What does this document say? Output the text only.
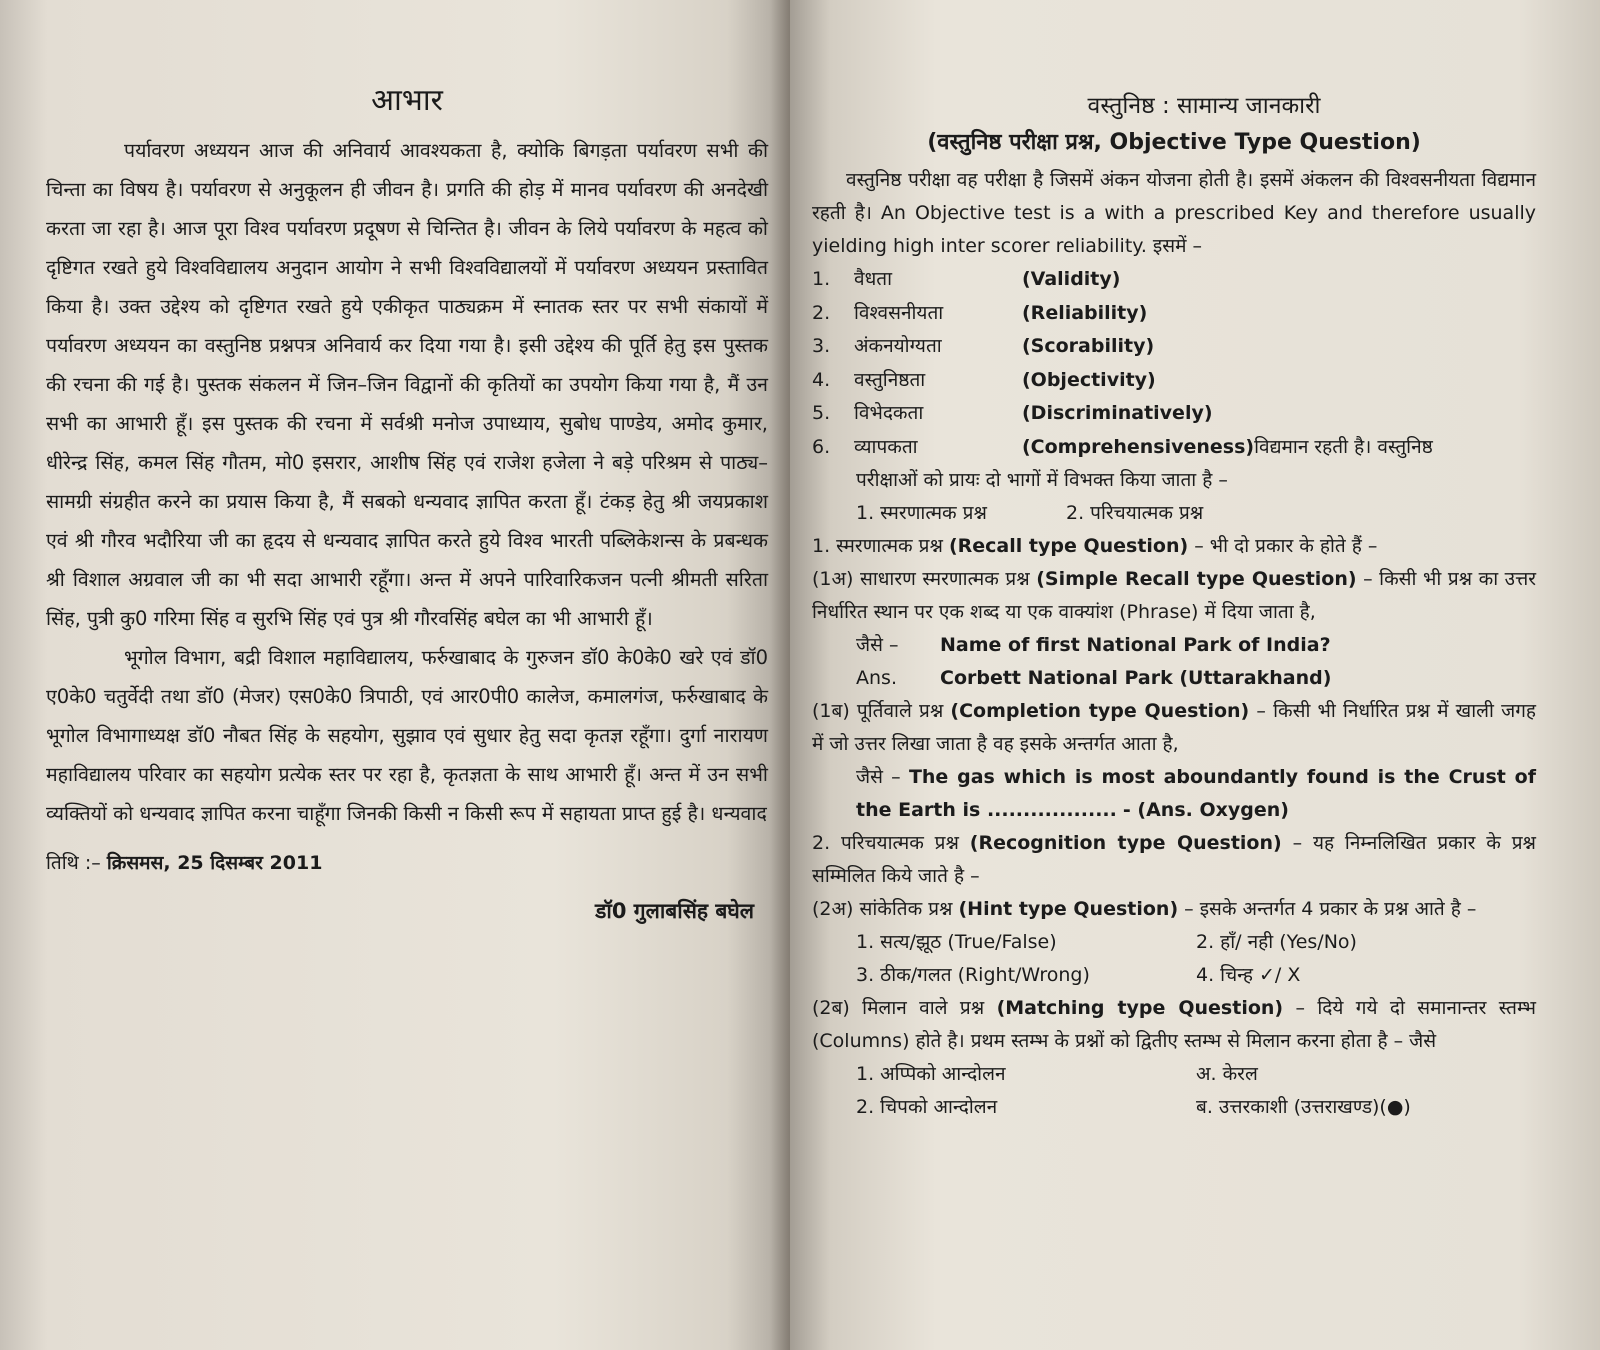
आभार

पर्यावरण अध्ययन आज की अनिवार्य आवश्यकता है, क्योकि बिगड़ता पर्यावरण सभी की चिन्ता का विषय है। पर्यावरण से अनुकूलन ही जीवन है। प्रगति की होड़ में मानव पर्यावरण की अनदेखी करता जा रहा है। आज पूरा विश्व पर्यावरण प्रदूषण से चिन्तित है। जीवन के लिये पर्यावरण के महत्व को दृष्टिगत रखते हुये विश्वविद्यालय अनुदान आयोग ने सभी विश्वविद्यालयों में पर्यावरण अध्ययन प्रस्तावित किया है। उक्त उद्देश्य को दृष्टिगत रखते हुये एकीकृत पाठ्यक्रम में स्नातक स्तर पर सभी संकायों में पर्यावरण अध्ययन का वस्तुनिष्ठ प्रश्नपत्र अनिवार्य कर दिया गया है। इसी उद्देश्य की पूर्ति हेतु इस पुस्तक की रचना की गई है। पुस्तक संकलन में जिन–जिन विद्वानों की कृतियों का उपयोग किया गया है, मैं उन सभी का आभारी हूँ। इस पुस्तक की रचना में सर्वश्री मनोज उपाध्याय, सुबोध पाण्डेय, अमोद कुमार, धीरेन्द्र सिंह, कमल सिंह गौतम, मो0 इसरार, आशीष सिंह एवं राजेश हजेला ने बड़े परिश्रम से पाठ्य–सामग्री संग्रहीत करने का प्रयास किया है, मैं सबको धन्यवाद ज्ञापित करता हूँ। टंकड़ हेतु श्री जयप्रकाश एवं श्री गौरव भदौरिया जी का हृदय से धन्यवाद ज्ञापित करते हुये विश्व भारती पब्लिकेशन्स के प्रबन्धक श्री विशाल अग्रवाल जी का भी सदा आभारी रहूँगा। अन्त में अपने पारिवारिकजन पत्नी श्रीमती सरिता सिंह, पुत्री कु0 गरिमा सिंह व सुरभि सिंह एवं पुत्र श्री गौरवसिंह बघेल का भी आभारी हूँ।

भूगोल विभाग, बद्री विशाल महाविद्यालय, फर्रुखाबाद के गुरुजन डॉ0 के0के0 खरे एवं डॉ0 ए0के0 चतुर्वेदी तथा डॉ0 (मेजर) एस0के0 त्रिपाठी, एवं आर0पी0 कालेज, कमालगंज, फर्रुखाबाद के भूगोल विभागाध्यक्ष डॉ0 नौबत सिंह के सहयोग, सुझाव एवं सुधार हेतु सदा कृतज्ञ रहूँगा। दुर्गा नारायण महाविद्यालय परिवार का सहयोग प्रत्येक स्तर पर रहा है, कृतज्ञता के साथ आभारी हूँ। अन्त में उन सभी व्यक्तियों को धन्यवाद ज्ञापित करना चाहूँगा जिनकी किसी न किसी रूप में सहायता प्राप्त हुई है। धन्यवाद

तिथि :– क्रिसमस, 25 दिसम्बर 2011
डॉ0 गुलाबसिंह बघेल
वस्तुनिष्ठ : सामान्य जानकारी
(वस्तुनिष्ठ परीक्षा प्रश्न, Objective Type Question)

वस्तुनिष्ठ परीक्षा वह परीक्षा है जिसमें अंकन योजना होती है। इसमें अंकलन की विश्वसनीयता विद्यमान रहती है। An Objective test is a with a prescribed Key and therefore usually yielding high inter scorer reliability. इसमें –

1.	वैधता	(Validity)
2.	विश्वसनीयता	(Reliability)
3.	अंकनयोग्यता	(Scorability)
4.	वस्तुनिष्ठता	(Objectivity)
5.	विभेदकता	(Discriminatively)
6.	व्यापकता	(Comprehensiveness) विद्यमान रहती है। वस्तुनिष्ठ

परीक्षाओं को प्रायः दो भागों में विभक्त किया जाता है –

1. स्मरणात्मक प्रश्न	2. परिचयात्मक प्रश्न

1. स्मरणात्मक प्रश्न (Recall type Question) – भी दो प्रकार के होते हैं –

(1अ) साधारण स्मरणात्मक प्रश्न (Simple Recall type Question) – किसी भी प्रश्न का उत्तर निर्धारित स्थान पर एक शब्द या एक वाक्यांश (Phrase) में दिया जाता है,

जैसे –	Name of first National Park of India?
Ans.	Corbett National Park (Uttarakhand)

(1ब) पूर्तिवाले प्रश्न (Completion type Question) – किसी भी निर्धारित प्रश्न में खाली जगह में जो उत्तर लिखा जाता है वह इसके अन्तर्गत आता है,

जैसे – The gas which is most aboundantly found is the Crust of the Earth is .................. - (Ans. Oxygen)

2. परिचयात्मक प्रश्न (Recognition type Question) – यह निम्नलिखित प्रकार के प्रश्न सम्मिलित किये जाते है –

(2अ) सांकेतिक प्रश्न (Hint type Question) – इसके अन्तर्गत 4 प्रकार के प्रश्न आते है –

1. सत्य/झूठ (True/False)	2. हाँ/ नही (Yes/No)
3. ठीक/गलत (Right/Wrong)	4. चिन्ह ✓/ X

(2ब) मिलान वाले प्रश्न (Matching type Question) – दिये गये दो समानान्तर स्तम्भ (Columns) होते है। प्रथम स्तम्भ के प्रश्नों को द्वितीए स्तम्भ से मिलान करना होता है – जैसे

1. अप्पिको आन्दोलन	अ. केरल
2. चिपको आन्दोलन	ब. उत्तरकाशी (उत्तराखण्ड)(●)
